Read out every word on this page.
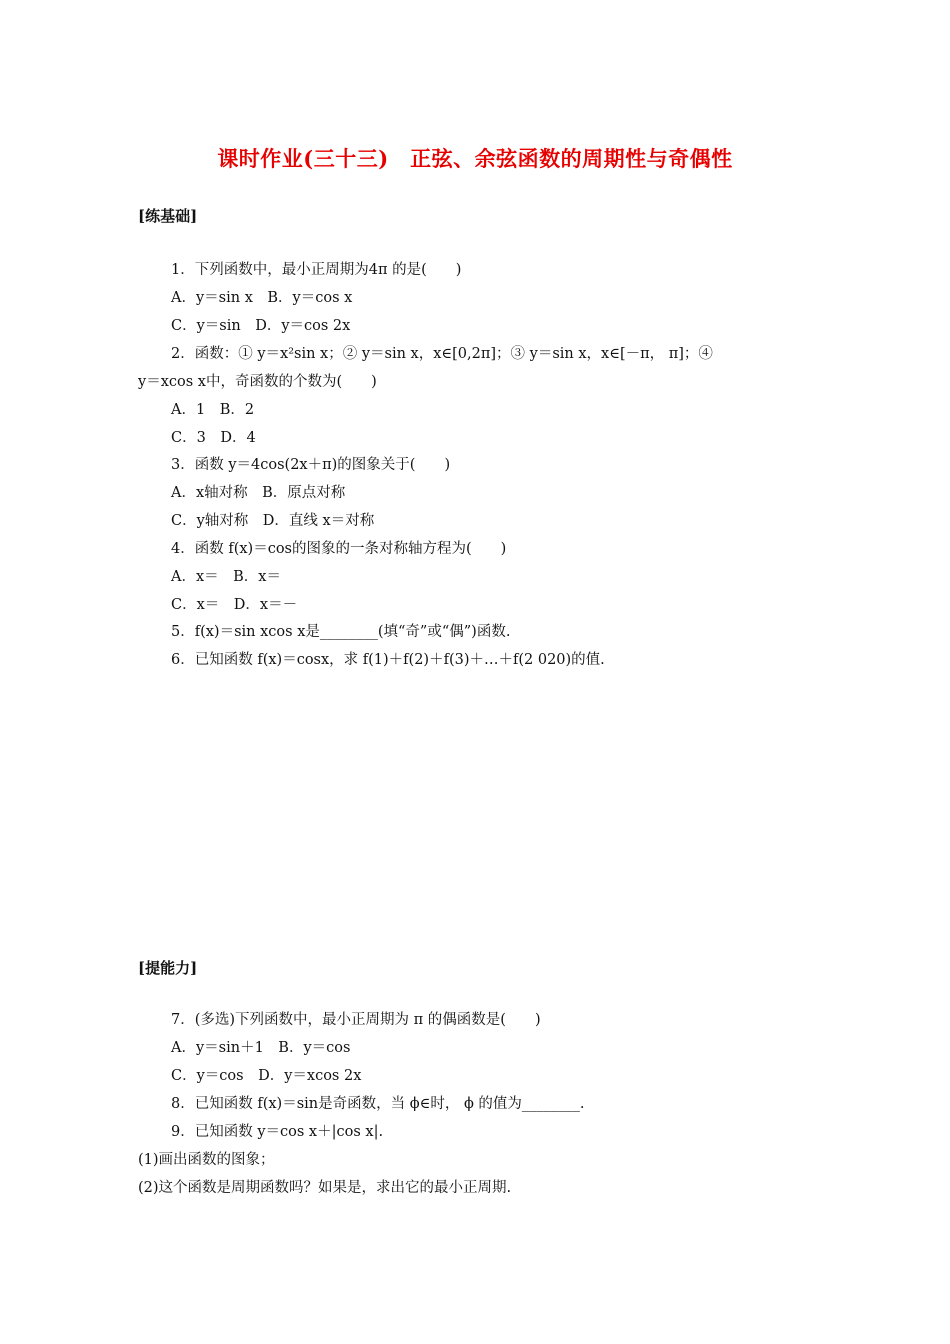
课时作业(三十三)　正弦、余弦函数的周期性与奇偶性
[练基础]
1．下列函数中，最小正周期为4π 的是(　　)
A．y＝sin x　B．y＝cos x
C．y＝sin　D．y＝cos 2x
2．函数：① y＝x²sin x；② y＝sin x，x∈[0,2π]；③ y＝sin x，x∈[－π， π]；④
y＝xcos x中，奇函数的个数为(　　)
A．1　B．2
C．3　D．4
3．函数 y＝4cos(2x＋π)的图象关于(　　)
A．x轴对称　B．原点对称
C．y轴对称　D．直线 x＝对称
4．函数 f(x)＝cos的图象的一条对称轴方程为(　　)
A．x＝　B．x＝
C．x＝　D．x＝－
5．f(x)＝sin xcos x是________(填“奇”或“偶”)函数.
6．已知函数 f(x)＝cosx，求 f(1)＋f(2)＋f(3)＋…＋f(2 020)的值.
[提能力]
7．(多选)下列函数中，最小正周期为 π 的偶函数是(　　)
A．y＝sin＋1　B．y＝cos
C．y＝cos　D．y＝xcos 2x
8．已知函数 f(x)＝sin是奇函数，当 ϕ∈时， ϕ 的值为________.
9．已知函数 y＝cos x＋|cos x|.
(1)画出函数的图象；
(2)这个函数是周期函数吗？如果是，求出它的最小正周期.
